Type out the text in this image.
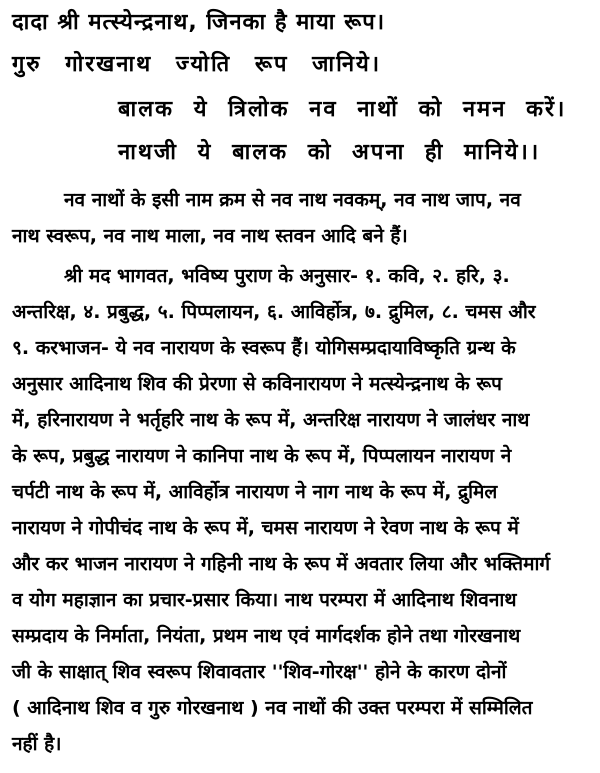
दादा श्री मत्स्येन्द्रनाथ, जिनका है माया रूप।
गुरु गोरखनाथ ज्योति रूप जानिये।
बालक ये त्रिलोक नव नाथों को नमन करें।
नाथजी ये बालक को अपना ही मानिये।।
नव नाथों के इसी नाम क्रम से नव नाथ नवकम्, नव नाथ जाप, नव
नाथ स्वरूप, नव नाथ माला, नव नाथ स्तवन आदि बने हैं।
श्री मद भागवत, भविष्य पुराण के अनुसार- १. कवि, २. हरि, ३.
अन्तरिक्ष, ४. प्रबुद्ध, ५. पिप्पलायन, ६. आविर्होत्र, ७. द्रुमिल, ८. चमस और
९. करभाजन- ये नव नारायण के स्वरूप हैं। योगिसम्प्रदायाविष्कृति ग्रन्थ के
अनुसार आदिनाथ शिव की प्रेरणा से कविनारायण ने मत्स्येन्द्रनाथ के रूप
में, हरिनारायण ने भर्तृहरि नाथ के रूप में, अन्तरिक्ष नारायण ने जालंधर नाथ
के रूप, प्रबुद्ध नारायण ने कानिपा नाथ के रूप में, पिप्पलायन नारायण ने
चर्पटी नाथ के रूप में, आविर्होत्र नारायण ने नाग नाथ के रूप में, द्रुमिल
नारायण ने गोपीचंद नाथ के रूप में, चमस नारायण ने रेवण नाथ के रूप में
और कर भाजन नारायण ने गहिनी नाथ के रूप में अवतार लिया और भक्तिमार्ग
व योग महाज्ञान का प्रचार-प्रसार किया। नाथ परम्परा में आदिनाथ शिवनाथ
सम्प्रदाय के निर्माता, नियंता, प्रथम नाथ एवं मार्गदर्शक होने तथा गोरखनाथ
जी के साक्षात् शिव स्वरूप शिवावतार ''शिव-गोरक्ष'' होने के कारण दोनों
( आदिनाथ शिव व गुरु गोरखनाथ ) नव नाथों की उक्त परम्परा में सम्मिलित
नहीं है।
